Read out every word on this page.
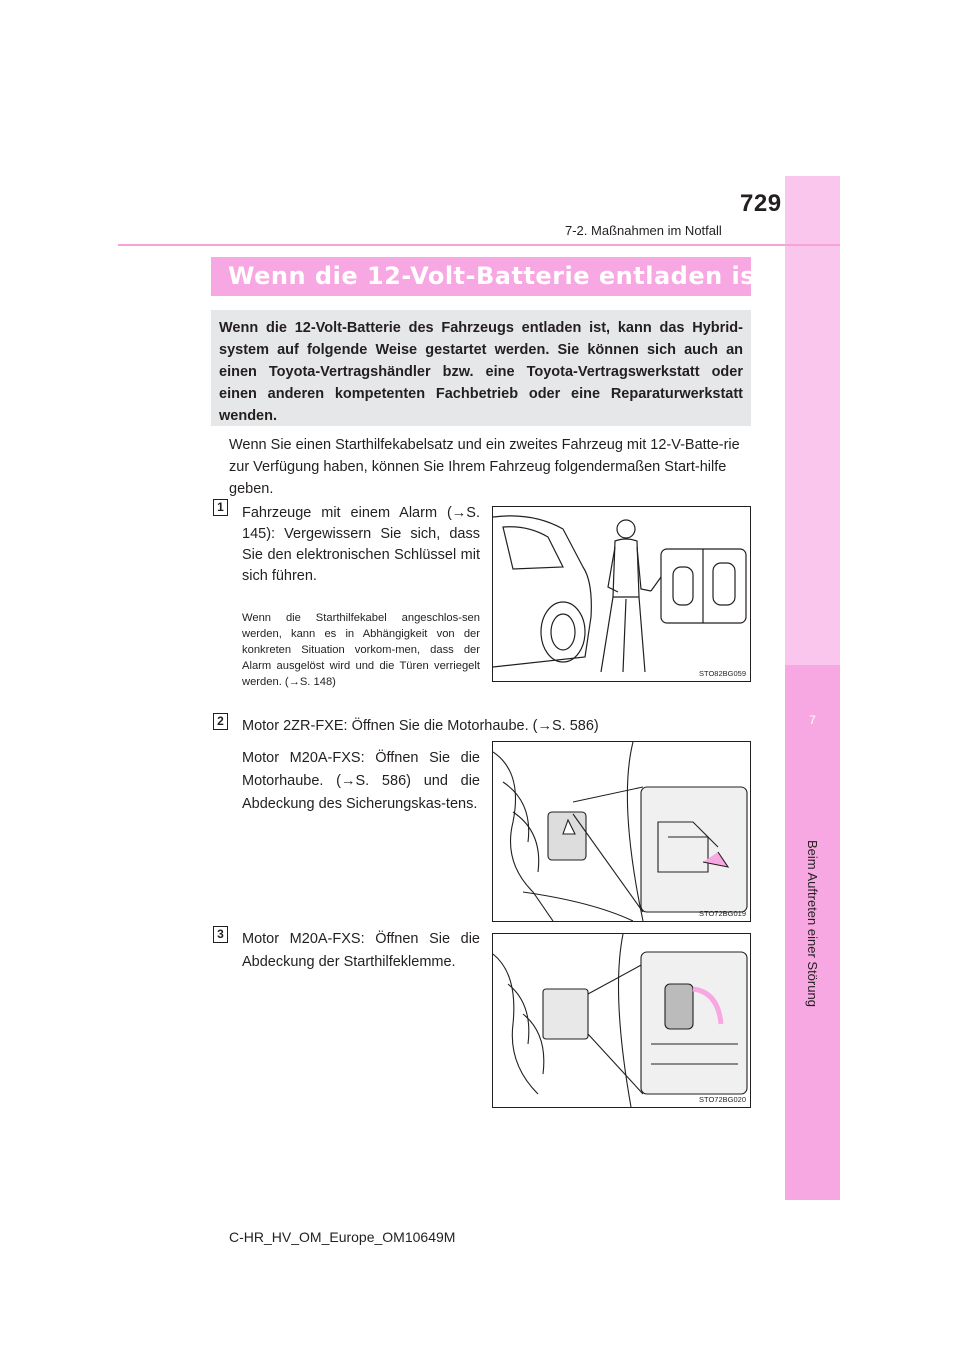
7
Beim Auftreten einer Störung
729
7-2. Maßnahmen im Notfall
Wenn die 12-Volt-Batterie entladen ist
Wenn die 12-Volt-Batterie des Fahrzeugs entladen ist, kann das Hybrid-system auf folgende Weise gestartet werden. Sie können sich auch an einen Toyota-Vertragshändler bzw. eine Toyota-Vertragswerkstatt oder einen anderen kompetenten Fachbetrieb oder eine Reparaturwerkstatt wenden.
Wenn Sie einen Starthilfekabelsatz und ein zweites Fahrzeug mit 12-V-Batte-rie zur Verfügung haben, können Sie Ihrem Fahrzeug folgendermaßen Start-hilfe geben.
1 Fahrzeuge mit einem Alarm (→S. 145): Vergewissern Sie sich, dass Sie den elektronischen Schlüssel mit sich führen.
Wenn die Starthilfekabel angeschlos-sen werden, kann es in Abhängigkeit von der konkreten Situation vorkom-men, dass der Alarm ausgelöst wird und die Türen verriegelt werden. (→S. 148)
STO82BG059
2 Motor 2ZR-FXE: Öffnen Sie die Motorhaube. (→S. 586)
Motor M20A-FXS: Öffnen Sie die Motorhaube. (→S. 586) und die Abdeckung des Sicherungskas-tens.
STO72BG019
3 Motor M20A-FXS: Öffnen Sie die Abdeckung der Starthilfeklemme.
STO72BG020
C-HR_HV_OM_Europe_OM10649M
